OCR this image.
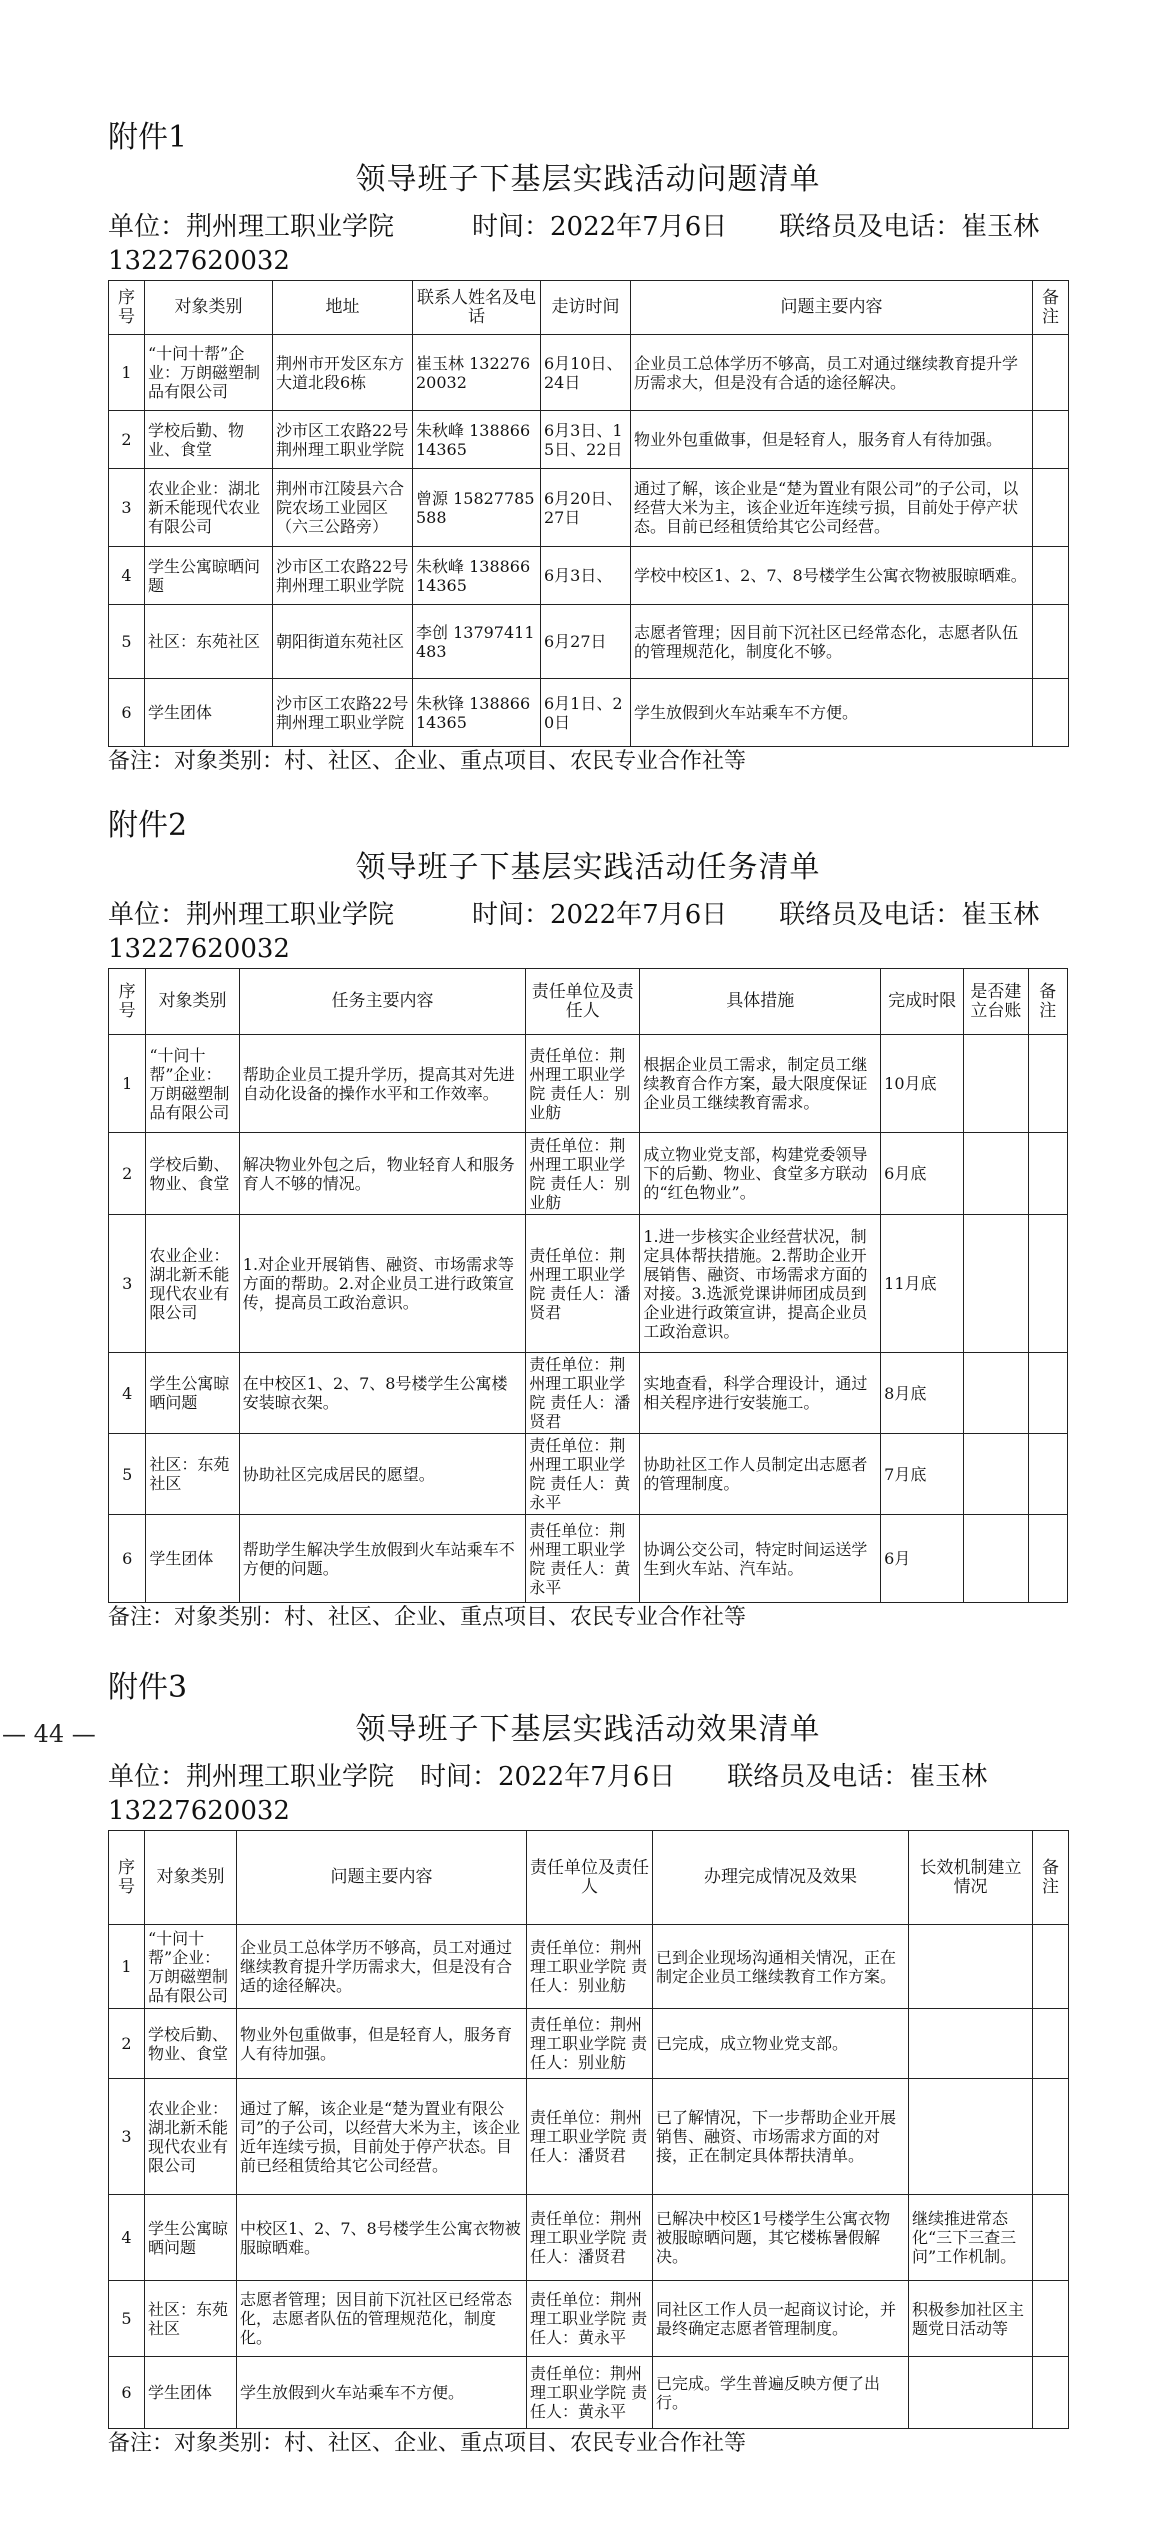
— 44 —

附件1

领导班子下基层实践活动问题清单

单位：荆州理工职业学院　　　时间：2022年7月6日　　联络员及电话：崔玉林 13227620032

序号	对象类别	地址	联系人姓名及电话	走访时间	问题主要内容	备注
1	“十问十帮”企业：万朗磁塑制品有限公司	荆州市开发区东方大道北段6栋	崔玉林 13227620032	6月10日、24日	企业员工总体学历不够高，员工对通过继续教育提升学历需求大，但是没有合适的途径解决。	
2	学校后勤、物业、食堂	沙市区工农路22号荆州理工职业学院	朱秋峰 13886614365	6月3日、15日、22日	物业外包重做事，但是轻育人，服务育人有待加强。	
3	农业企业：湖北新禾能现代农业有限公司	荆州市江陵县六合院农场工业园区（六三公路旁）	曾源 15827785588	6月20日、27日	通过了解，该企业是“楚为置业有限公司”的子公司，以经营大米为主，该企业近年连续亏损，目前处于停产状态。目前已经租赁给其它公司经营。	
4	学生公寓晾晒问题	沙市区工农路22号荆州理工职业学院	朱秋峰 13886614365	6月3日、	学校中校区1、2、7、8号楼学生公寓衣物被服晾晒难。	
5	社区：东苑社区	朝阳街道东苑社区	李创 13797411483	6月27日	志愿者管理；因目前下沉社区已经常态化，志愿者队伍的管理规范化，制度化不够。	
6	学生团体	沙市区工农路22号荆州理工职业学院	朱秋锋 13886614365	6月1日、20日	学生放假到火车站乘车不方便。	

备注：对象类别：村、社区、企业、重点项目、农民专业合作社等

附件2

领导班子下基层实践活动任务清单

单位：荆州理工职业学院　　　时间：2022年7月6日　　联络员及电话：崔玉林 13227620032

序号	对象类别	任务主要内容	责任单位及责任人	具体措施	完成时限	是否建立台账	备注
1	“十问十帮”企业：万朗磁塑制品有限公司	帮助企业员工提升学历，提高其对先进自动化设备的操作水平和工作效率。	责任单位：荆州理工职业学院 责任人：别业舫	根据企业员工需求，制定员工继续教育合作方案，最大限度保证企业员工继续教育需求。	10月底		
2	学校后勤、物业、食堂	解决物业外包之后，物业轻育人和服务育人不够的情况。	责任单位：荆州理工职业学院 责任人：别业舫	成立物业党支部，构建党委领导下的后勤、物业、食堂多方联动的“红色物业”。	6月底		
3	农业企业：湖北新禾能现代农业有限公司	1.对企业开展销售、融资、市场需求等方面的帮助。2.对企业员工进行政策宣传，提高员工政治意识。	责任单位：荆州理工职业学院 责任人：潘贤君	1.进一步核实企业经营状况，制定具体帮扶措施。2.帮助企业开展销售、融资、市场需求方面的对接。3.选派党课讲师团成员到企业进行政策宣讲，提高企业员工政治意识。	11月底		
4	学生公寓晾晒问题	在中校区1、2、7、8号楼学生公寓楼安装晾衣架。	责任单位：荆州理工职业学院 责任人：潘贤君	实地查看，科学合理设计，通过相关程序进行安装施工。	8月底		
5	社区：东苑社区	协助社区完成居民的愿望。	责任单位：荆州理工职业学院 责任人：黄永平	协助社区工作人员制定出志愿者的管理制度。	7月底		
6	学生团体	帮助学生解决学生放假到火车站乘车不方便的问题。	责任单位：荆州理工职业学院 责任人：黄永平	协调公交公司，特定时间运送学生到火车站、汽车站。	6月		

备注：对象类别：村、社区、企业、重点项目、农民专业合作社等

附件3

领导班子下基层实践活动效果清单

单位：荆州理工职业学院　时间：2022年7月6日　　联络员及电话：崔玉林 13227620032

序号	对象类别	问题主要内容	责任单位及责任人	办理完成情况及效果	长效机制建立情况	备注
1	“十问十帮”企业：万朗磁塑制品有限公司	企业员工总体学历不够高，员工对通过继续教育提升学历需求大，但是没有合适的途径解决。	责任单位：荆州理工职业学院 责任人：别业舫	已到企业现场沟通相关情况，正在制定企业员工继续教育工作方案。		
2	学校后勤、物业、食堂	物业外包重做事，但是轻育人，服务育人有待加强。	责任单位：荆州理工职业学院 责任人：别业舫	已完成，成立物业党支部。		
3	农业企业：湖北新禾能现代农业有限公司	通过了解，该企业是“楚为置业有限公司”的子公司，以经营大米为主，该企业近年连续亏损，目前处于停产状态。目前已经租赁给其它公司经营。	责任单位：荆州理工职业学院 责任人：潘贤君	已了解情况，下一步帮助企业开展销售、融资、市场需求方面的对接，正在制定具体帮扶清单。		
4	学生公寓晾晒问题	中校区1、2、7、8号楼学生公寓衣物被服晾晒难。	责任单位：荆州理工职业学院 责任人：潘贤君	已解决中校区1号楼学生公寓衣物被服晾晒问题，其它楼栋暑假解决。	继续推进常态化“三下三查三问”工作机制。	
5	社区：东苑社区	志愿者管理；因目前下沉社区已经常态化，志愿者队伍的管理规范化，制度化。	责任单位：荆州理工职业学院 责任人：黄永平	同社区工作人员一起商议讨论，并最终确定志愿者管理制度。	积极参加社区主题党日活动等	
6	学生团体	学生放假到火车站乘车不方便。	责任单位：荆州理工职业学院 责任人：黄永平	已完成。学生普遍反映方便了出行。		

备注：对象类别：村、社区、企业、重点项目、农民专业合作社等
